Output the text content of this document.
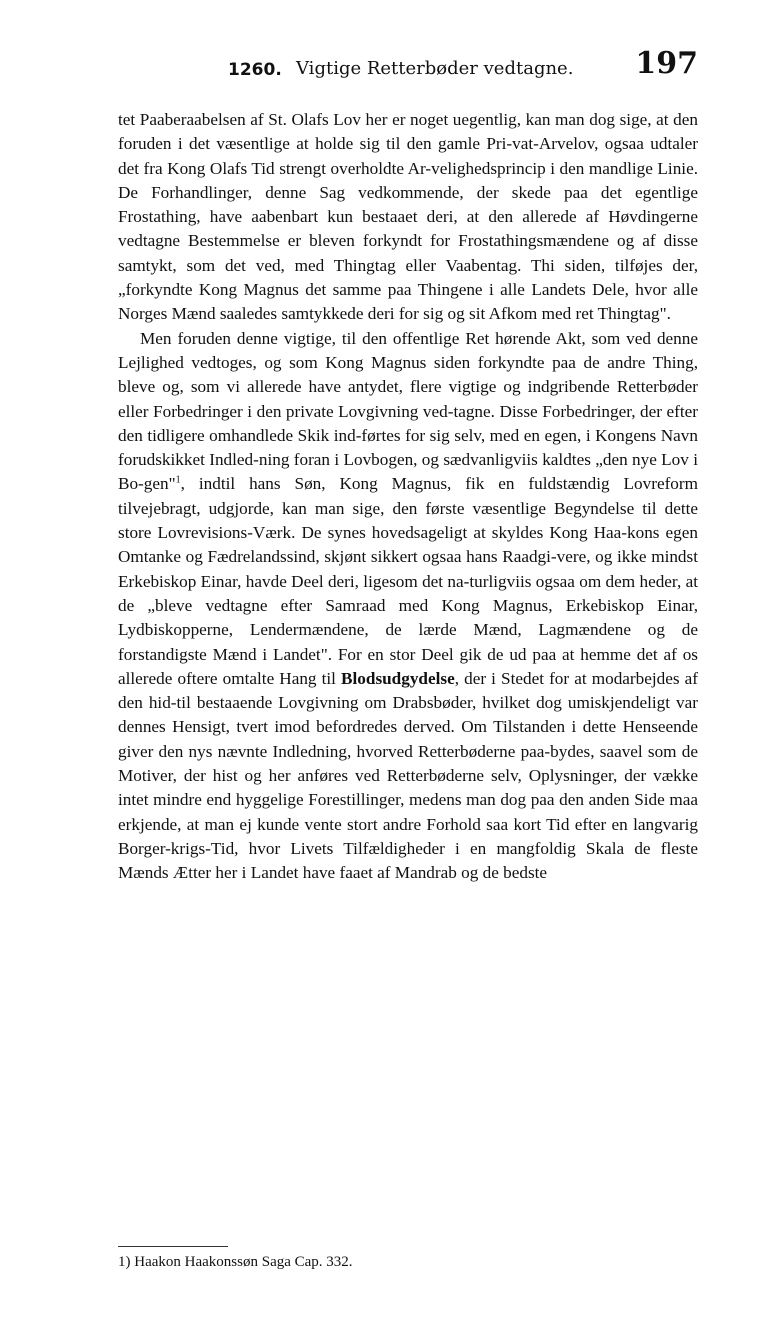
1260. Vigtige Retterbøder vedtagne. 197

tet Paaberaabelsen af St. Olafs Lov her er noget uegentlig, kan man dog sige, at den foruden i det væsentlige at holde sig til den gamle Pri-vat-Arvelov, ogsaa udtaler det fra Kong Olafs Tid strengt overholdte Ar-velighedsprincip i den mandlige Linie. De Forhandlinger, denne Sag vedkommende, der skede paa det egentlige Frostathing, have aabenbart kun bestaaet deri, at den allerede af Høvdingerne vedtagne Bestemmelse er bleven forkyndt for Frostathingsmændene og af disse samtykt, som det ved, med Thingtag eller Vaabentag. Thi siden, tilføjes der, „forkyndte Kong Magnus det samme paa Thingene i alle Landets Dele, hvor alle Norges Mænd saaledes samtykkede deri for sig og sit Afkom med ret Thingtag".

Men foruden denne vigtige, til den offentlige Ret hørende Akt, som ved denne Lejlighed vedtoges, og som Kong Magnus siden forkyndte paa de andre Thing, bleve og, som vi allerede have antydet, flere vigtige og indgribende Retterbøder eller Forbedringer i den private Lovgivning ved-tagne. Disse Forbedringer, der efter den tidligere omhandlede Skik ind-førtes for sig selv, med en egen, i Kongens Navn forudskikket Indled-ning foran i Lovbogen, og sædvanligviis kaldtes „den nye Lov i Bo-gen"$^1$, indtil hans Søn, Kong Magnus, fik en fuldstændig Lovreform tilvejebragt, udgjorde, kan man sige, den første væsentlige Begyndelse til dette store Lovrevisions-Værk. De synes hovedsageligt at skyldes Kong Haa-kons egen Omtanke og Fædrelandssind, skjønt sikkert ogsaa hans Raadgi-vere, og ikke mindst Erkebiskop Einar, havde Deel deri, ligesom det na-turligviis ogsaa om dem heder, at de „bleve vedtagne efter Samraad med Kong Magnus, Erkebiskop Einar, Lydbiskopperne, Lendermændene, de lærde Mænd, Lagmændene og de forstandigste Mænd i Landet". For en stor Deel gik de ud paa at hemme det af os allerede oftere omtalte Hang til Blodsudgydelse, der i Stedet for at modarbejdes af den hid-til bestaaende Lovgivning om Drabsbøder, hvilket dog umiskjendeligt var dennes Hensigt, tvert imod befordredes derved. Om Tilstanden i dette Henseende giver den nys nævnte Indledning, hvorved Retterbøderne paa-bydes, saavel som de Motiver, der hist og her anføres ved Retterbøderne selv, Oplysninger, der vække intet mindre end hyggelige Forestillinger, medens man dog paa den anden Side maa erkjende, at man ej kunde vente stort andre Forhold saa kort Tid efter en langvarig Borger-krigs-Tid, hvor Livets Tilfældigheder i en mangfoldig Skala de fleste Mænds Ætter her i Landet have faaet af Mandrab og de bedste

1) Haakon Haakonssøn Saga Cap. 332.
